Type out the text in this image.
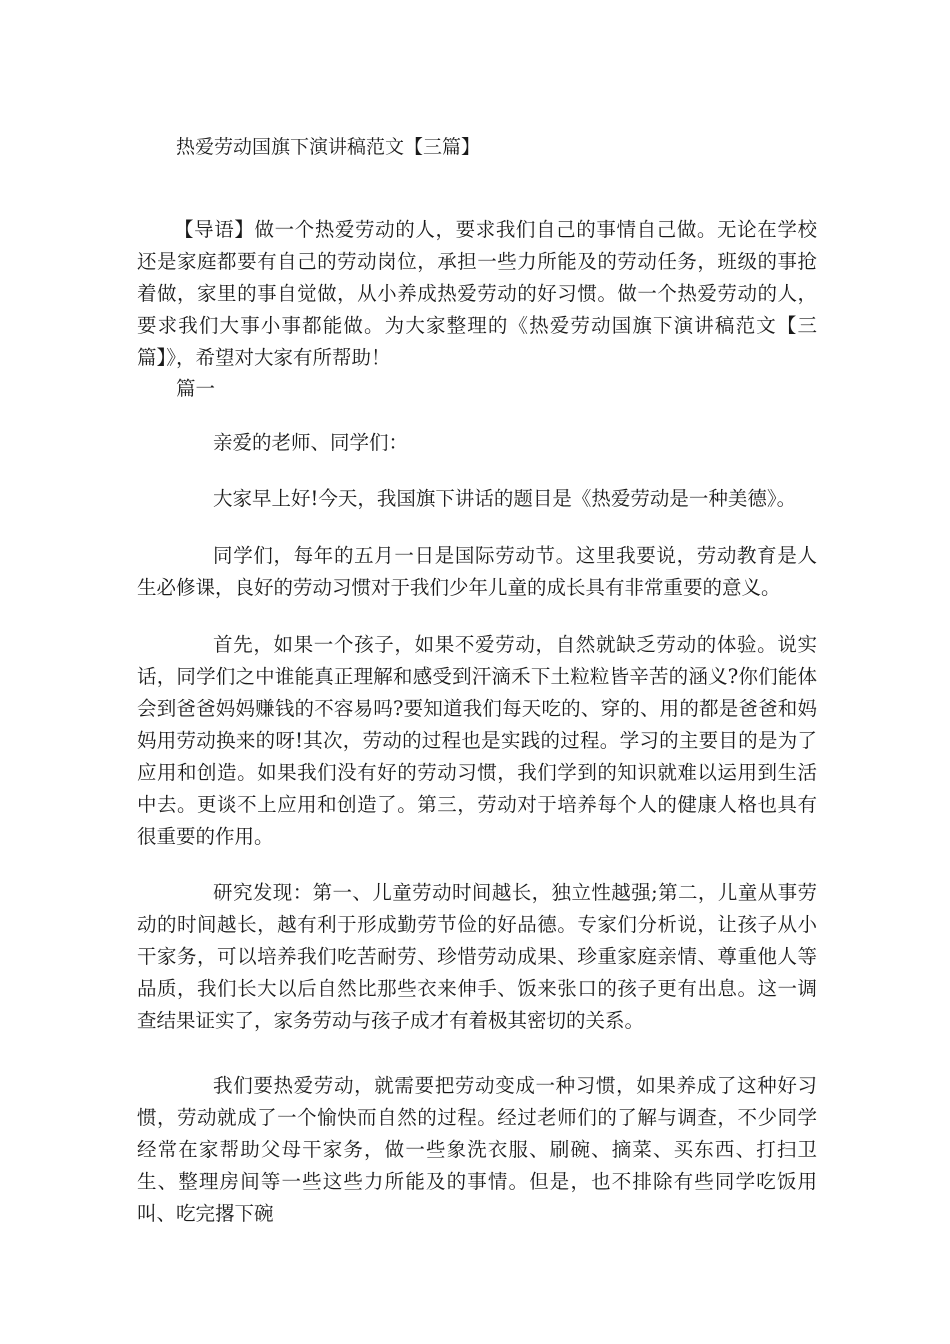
热爱劳动国旗下演讲稿范文【三篇】

【导语】做一个热爱劳动的人，要求我们自己的事情自己做。无论在学校还是家庭都要有自己的劳动岗位，承担一些力所能及的劳动任务，班级的事抢着做，家里的事自觉做，从小养成热爱劳动的好习惯。做一个热爱劳动的人，要求我们大事小事都能做。为大家整理的《热爱劳动国旗下演讲稿范文【三篇】》，希望对大家有所帮助！

篇一
亲爱的老师、同学们：

大家早上好!今天，我国旗下讲话的题目是《热爱劳动是一种美德》。

同学们，每年的五月一日是国际劳动节。这里我要说，劳动教育是人生必修课，良好的劳动习惯对于我们少年儿童的成长具有非常重要的意义。

首先，如果一个孩子，如果不爱劳动，自然就缺乏劳动的体验。说实话，同学们之中谁能真正理解和感受到汗滴禾下土粒粒皆辛苦的涵义?你们能体会到爸爸妈妈赚钱的不容易吗?要知道我们每天吃的、穿的、用的都是爸爸和妈妈用劳动换来的呀!其次，劳动的过程也是实践的过程。学习的主要目的是为了应用和创造。如果我们没有好的劳动习惯，我们学到的知识就难以运用到生活中去。更谈不上应用和创造了。第三，劳动对于培养每个人的健康人格也具有很重要的作用。

研究发现：第一、儿童劳动时间越长，独立性越强;第二，儿童从事劳动的时间越长，越有利于形成勤劳节俭的好品德。专家们分析说，让孩子从小干家务，可以培养我们吃苦耐劳、珍惜劳动成果、珍重家庭亲情、尊重他人等品质，我们长大以后自然比那些衣来伸手、饭来张口的孩子更有出息。这一调查结果证实了，家务劳动与孩子成才有着极其密切的关系。

我们要热爱劳动，就需要把劳动变成一种习惯，如果养成了这种好习惯，劳动就成了一个愉快而自然的过程。经过老师们的了解与调查，不少同学经常在家帮助父母干家务，做一些象洗衣服、刷碗、摘菜、买东西、打扫卫生、整理房间等一些这些力所能及的事情。但是，也不排除有些同学吃饭用叫、吃完撂下碗
